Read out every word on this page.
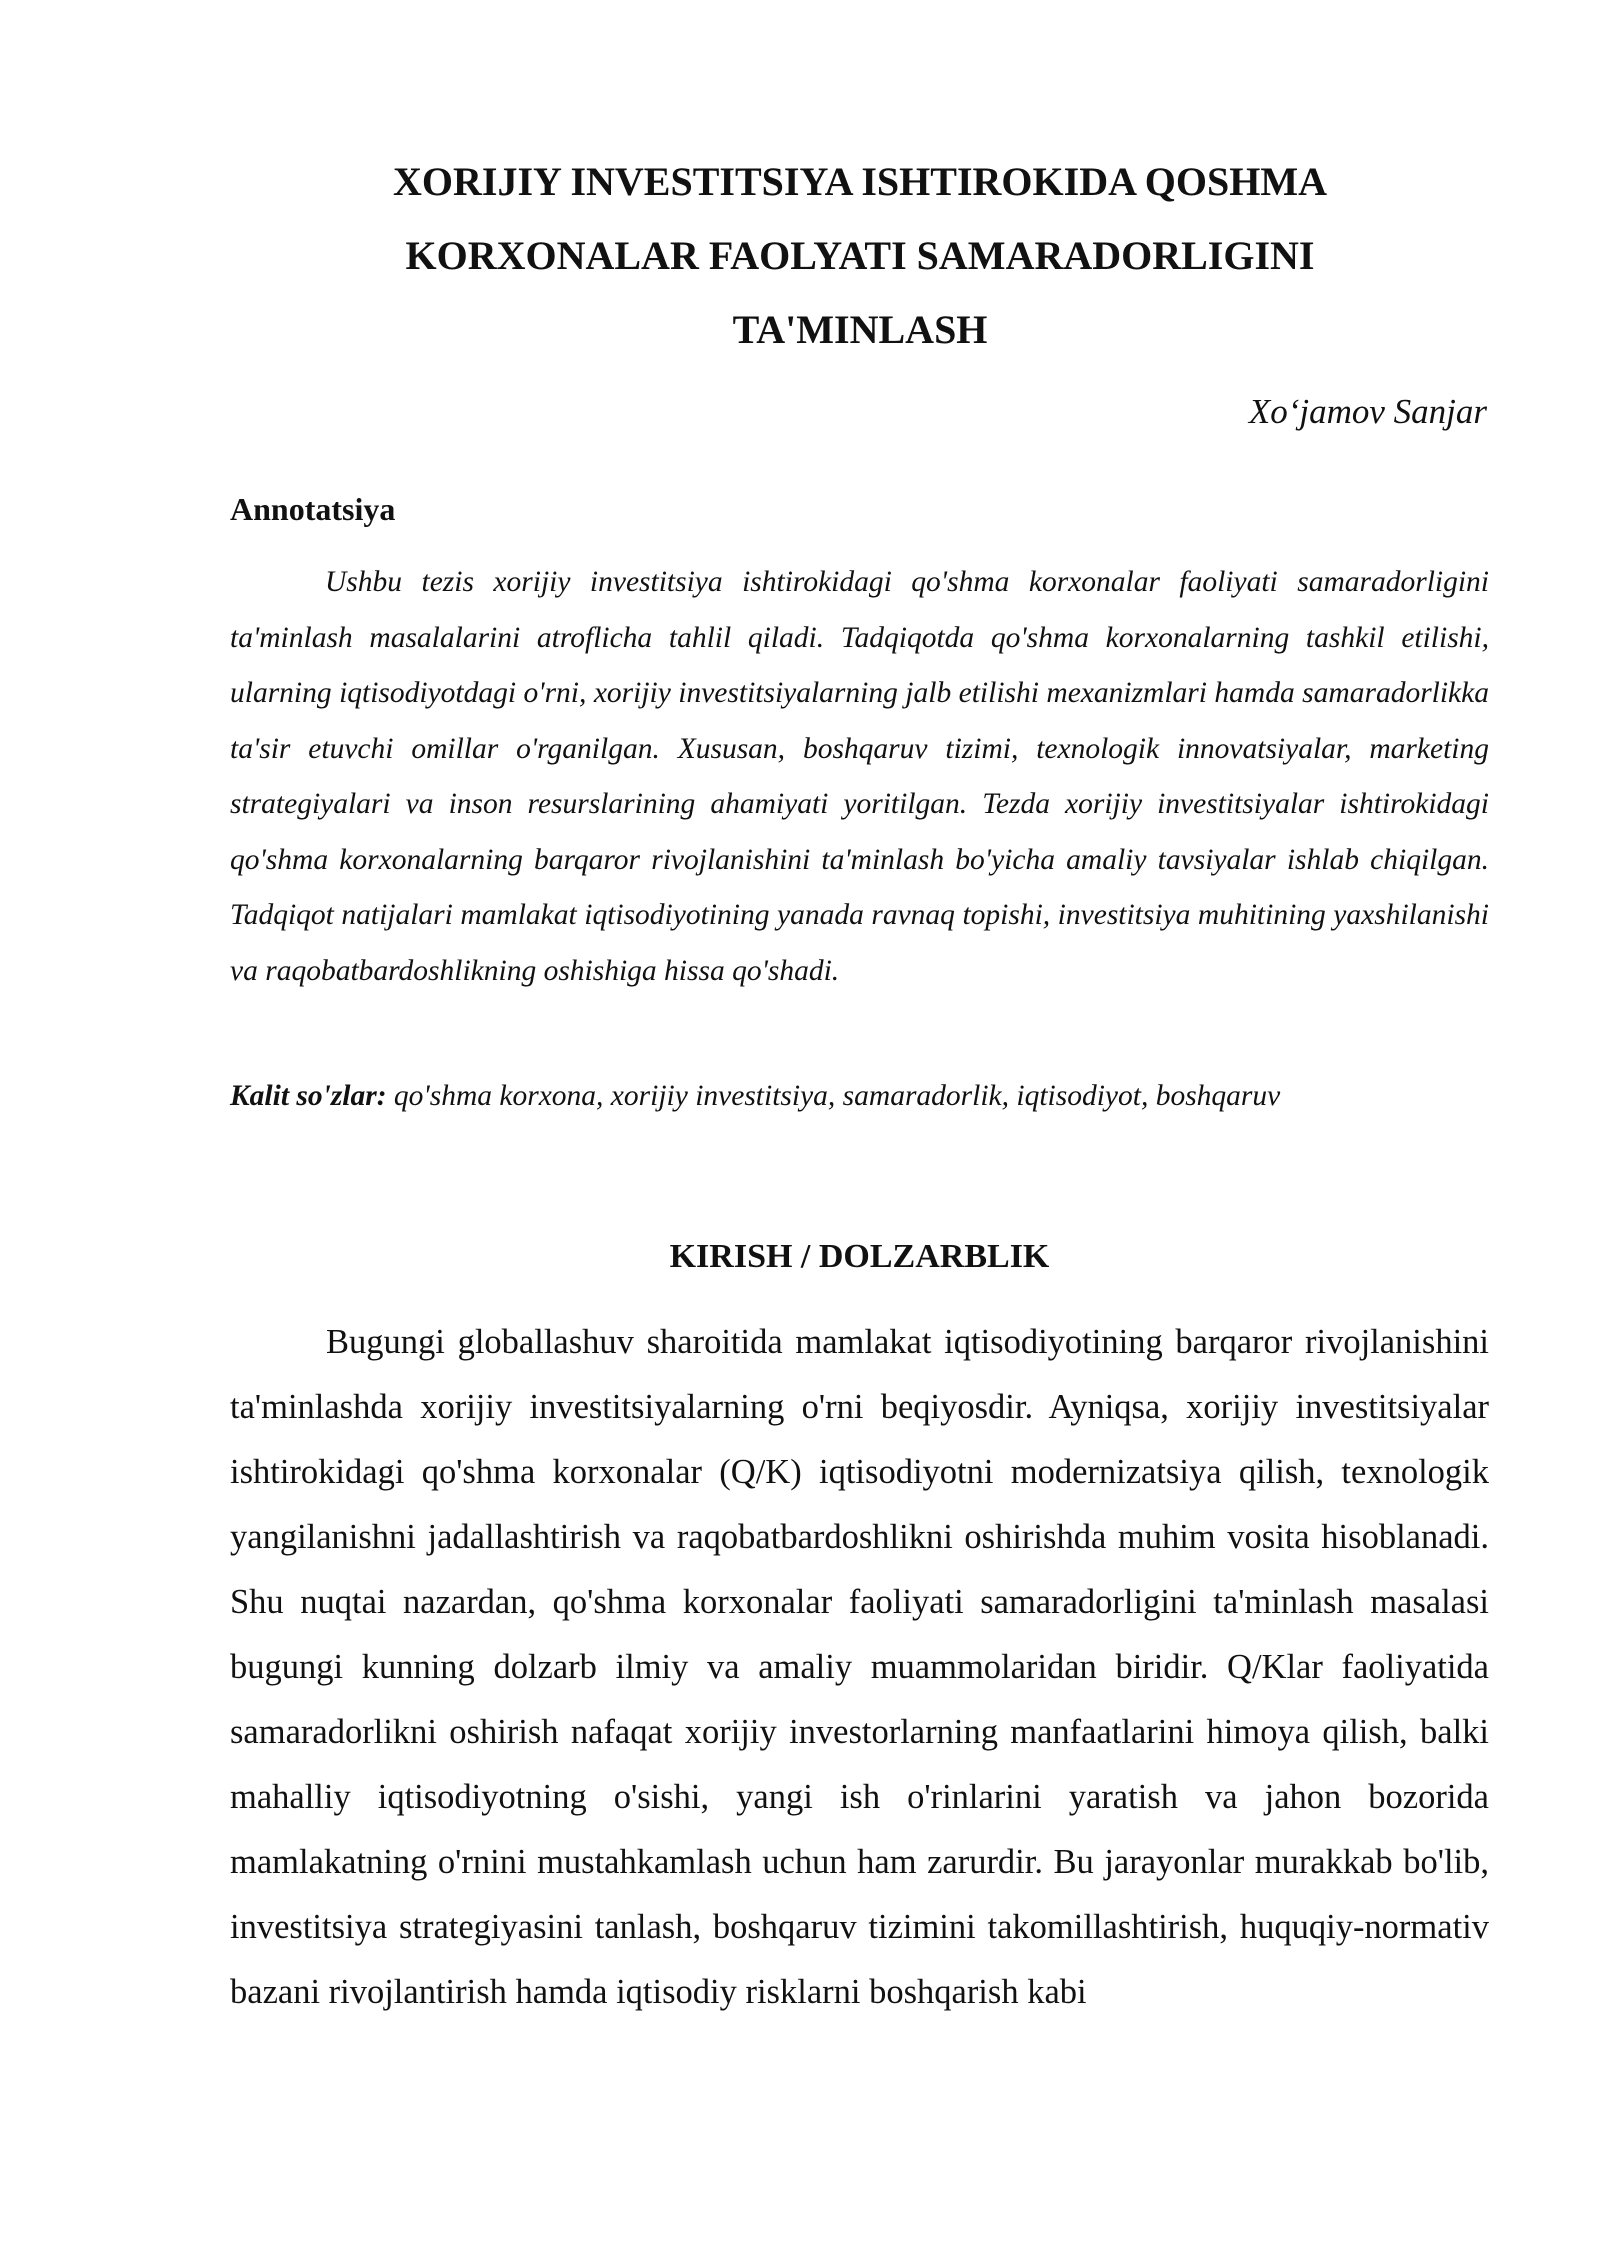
XORIJIY INVESTITSIYA ISHTIROKIDA QOSHMA
KORXONALAR FAOLYATI SAMARADORLIGINI
TA'MINLASH

Xo‘jamov Sanjar

Annotatsiya

Ushbu tezis xorijiy investitsiya ishtirokidagi qo'shma korxonalar faoliyati samaradorligini ta'minlash masalalarini atroflicha tahlil qiladi. Tadqiqotda qo'shma korxonalarning tashkil etilishi, ularning iqtisodiyotdagi o'rni, xorijiy investitsiyalarning jalb etilishi mexanizmlari hamda samaradorlikka ta'sir etuvchi omillar o'rganilgan. Xususan, boshqaruv tizimi, texnologik innovatsiyalar, marketing strategiyalari va inson resurslarining ahamiyati yoritilgan. Tezda xorijiy investitsiyalar ishtirokidagi qo'shma korxonalarning barqaror rivojlanishini ta'minlash bo'yicha amaliy tavsiyalar ishlab chiqilgan. Tadqiqot natijalari mamlakat iqtisodiyotining yanada ravnaq topishi, investitsiya muhitining yaxshilanishi va raqobatbardoshlikning oshishiga hissa qo'shadi.

Kalit so'zlar: qo'shma korxona, xorijiy investitsiya, samaradorlik, iqtisodiyot, boshqaruv

KIRISH / DOLZARBLIK

Bugungi globallashuv sharoitida mamlakat iqtisodiyotining barqaror rivojlanishini ta'minlashda xorijiy investitsiyalarning o'rni beqiyosdir. Ayniqsa, xorijiy investitsiyalar ishtirokidagi qo'shma korxonalar (Q/K) iqtisodiyotni modernizatsiya qilish, texnologik yangilanishni jadallashtirish va raqobatbardoshlikni oshirishda muhim vosita hisoblanadi. Shu nuqtai nazardan, qo'shma korxonalar faoliyati samaradorligini ta'minlash masalasi bugungi kunning dolzarb ilmiy va amaliy muammolaridan biridir. Q/Klar faoliyatida samaradorlikni oshirish nafaqat xorijiy investorlarning manfaatlarini himoya qilish, balki mahalliy iqtisodiyotning o'sishi, yangi ish o'rinlarini yaratish va jahon bozorida mamlakatning o'rnini mustahkamlash uchun ham zarurdir. Bu jarayonlar murakkab bo'lib, investitsiya strategiyasini tanlash, boshqaruv tizimini takomillashtirish, huquqiy-normativ bazani rivojlantirish hamda iqtisodiy risklarni boshqarish kabi
